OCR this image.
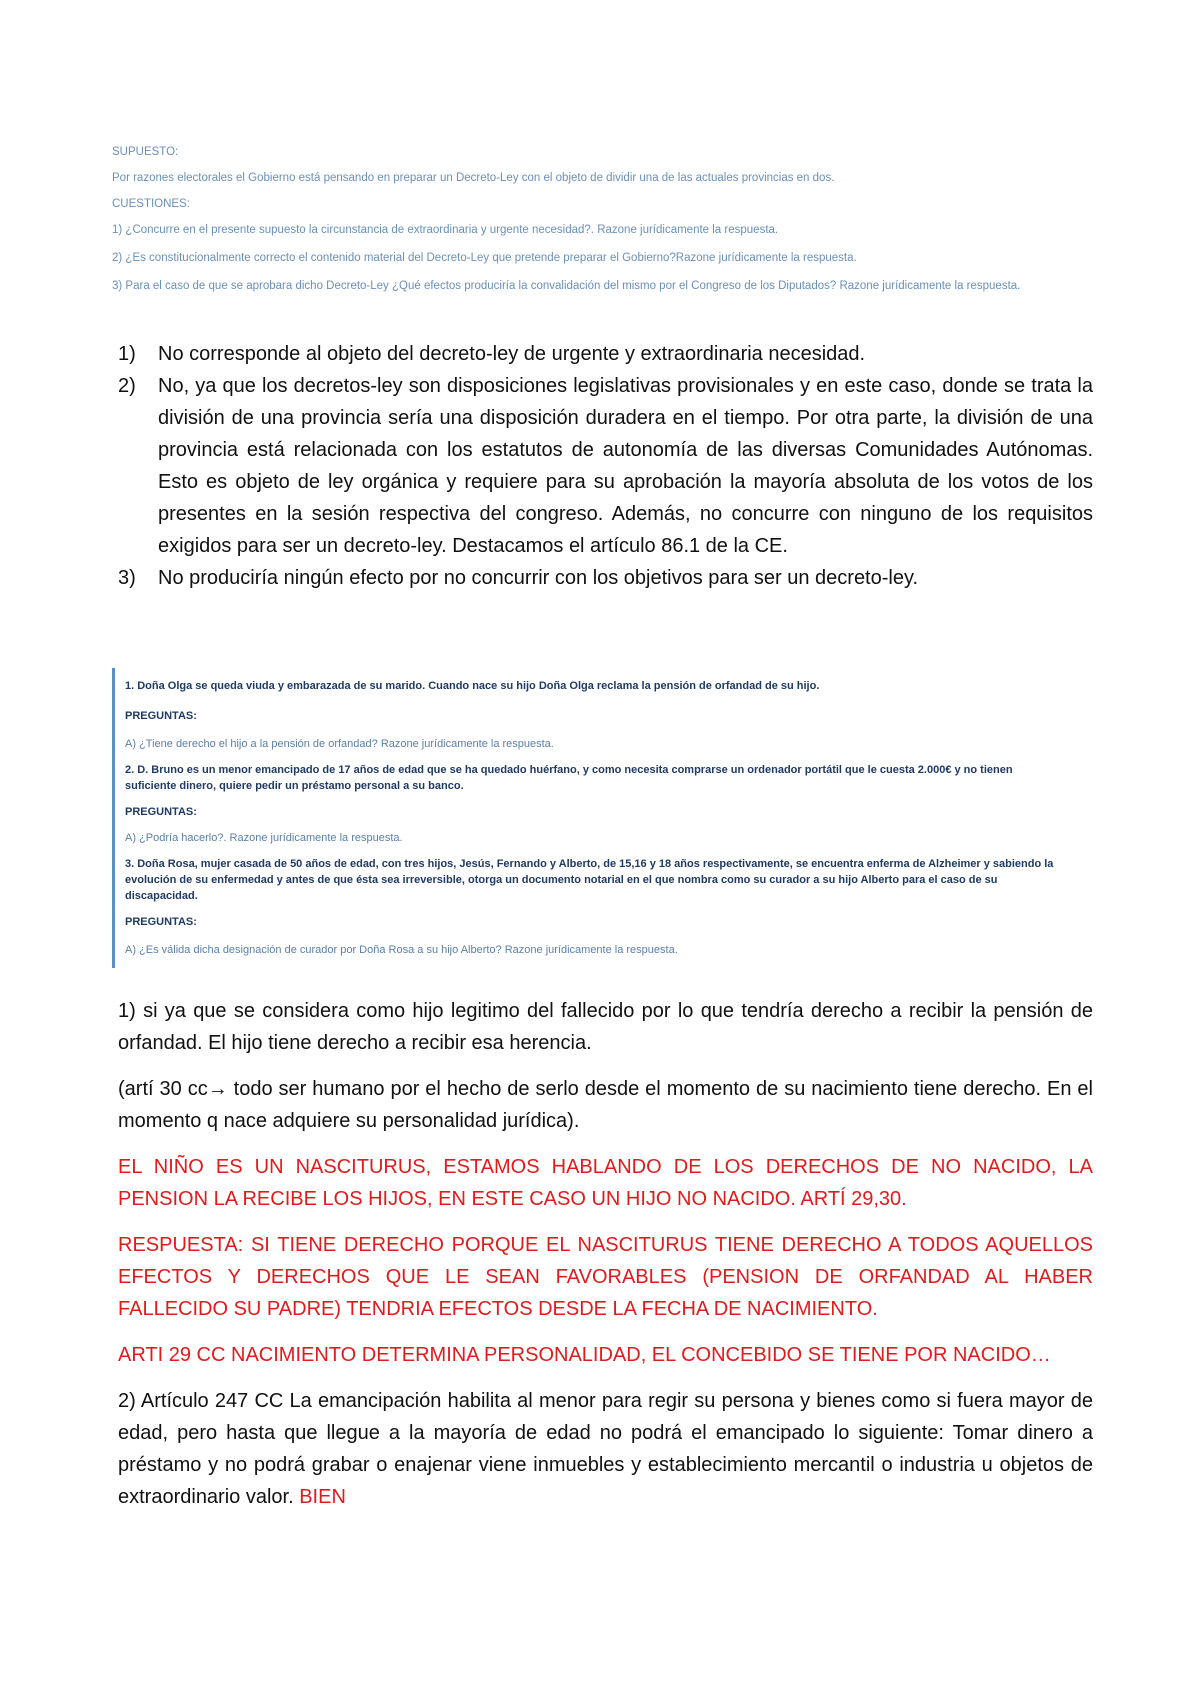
SUPUESTO:
Por razones electorales el Gobierno está pensando en preparar un Decreto-Ley con el objeto de dividir una de las actuales provincias en dos.
CUESTIONES:
1) ¿Concurre en el presente supuesto la circunstancia de extraordinaria y urgente necesidad?. Razone jurídicamente la respuesta.
2) ¿Es constitucionalmente correcto el contenido material del Decreto-Ley que pretende preparar el Gobierno?Razone jurídicamente la respuesta.
3) Para el caso de que se aprobara dicho Decreto-Ley ¿Qué efectos produciría la convalidación del mismo por el Congreso de los Diputados? Razone jurídicamente la respuesta.
1) No corresponde al objeto del decreto-ley de urgente y extraordinaria necesidad.
2) No, ya que los decretos-ley son disposiciones legislativas provisionales y en este caso, donde se trata la división de una provincia sería una disposición duradera en el tiempo. Por otra parte, la división de una provincia está relacionada con los estatutos de autonomía de las diversas Comunidades Autónomas. Esto es objeto de ley orgánica y requiere para su aprobación la mayoría absoluta de los votos de los presentes en la sesión respectiva del congreso. Además, no concurre con ninguno de los requisitos exigidos para ser un decreto-ley. Destacamos el artículo 86.1 de la CE.
3) No produciría ningún efecto por no concurrir con los objetivos para ser un decreto-ley.
1. Doña Olga se queda viuda y embarazada de su marido. Cuando nace su hijo Doña Olga reclama la pensión de orfandad de su hijo.
PREGUNTAS:
A) ¿Tiene derecho el hijo a la pensión de orfandad? Razone jurídicamente la respuesta.
2. D. Bruno es un menor emancipado de 17 años de edad que se ha quedado huérfano, y como necesita comprarse un ordenador portátil que le cuesta 2.000€ y no tienen
suficiente dinero, quiere pedir un préstamo personal a su banco.
PREGUNTAS:
A) ¿Podría hacerlo?. Razone jurídicamente la respuesta.
3. Doña Rosa, mujer casada de 50 años de edad, con tres hijos, Jesús, Fernando y Alberto, de 15,16 y 18 años respectivamente, se encuentra enferma de Alzheimer y sabiendo la
evolución de su enfermedad y antes de que ésta sea irreversible, otorga un documento notarial en el que nombra como su curador a su hijo Alberto para el caso de su
discapacidad.
PREGUNTAS:
A) ¿Es válida dicha designación de curador por Doña Rosa a su hijo Alberto? Razone jurídicamente la respuesta.

1) si ya que se considera como hijo legitimo del fallecido por lo que tendría derecho a recibir la pensión de orfandad. El hijo tiene derecho a recibir esa herencia.

(artí 30 cc→ todo ser humano por el hecho de serlo desde el momento de su nacimiento tiene derecho. En el momento q nace adquiere su personalidad jurídica).

EL NIÑO ES UN NASCITURUS, ESTAMOS HABLANDO DE LOS DERECHOS DE NO NACIDO, LA PENSION LA RECIBE LOS HIJOS, EN ESTE CASO UN HIJO NO NACIDO. ARTÍ 29,30.

RESPUESTA: SI TIENE DERECHO PORQUE EL NASCITURUS TIENE DERECHO A TODOS AQUELLOS EFECTOS Y DERECHOS QUE LE SEAN FAVORABLES (PENSION DE ORFANDAD AL HABER FALLECIDO SU PADRE) TENDRIA EFECTOS DESDE LA FECHA DE NACIMIENTO.

ARTI 29 CC NACIMIENTO DETERMINA PERSONALIDAD, EL CONCEBIDO SE TIENE POR NACIDO…

2) Artículo 247 CC La emancipación habilita al menor para regir su persona y bienes como si fuera mayor de edad, pero hasta que llegue a la mayoría de edad no podrá el emancipado lo siguiente: Tomar dinero a préstamo y no podrá grabar o enajenar viene inmuebles y establecimiento mercantil o industria u objetos de extraordinario valor. BIEN
